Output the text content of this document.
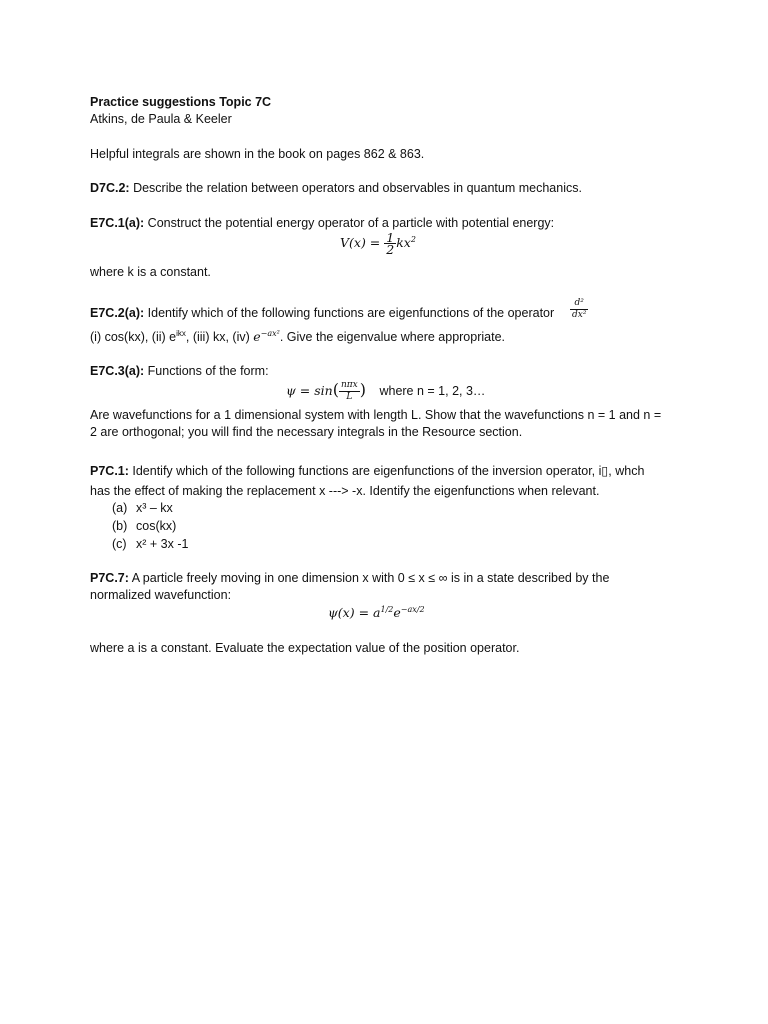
Practice suggestions Topic 7C
Atkins, de Paula & Keeler
Helpful integrals are shown in the book on pages 862 & 863.
D7C.2: Describe the relation between operators and observables in quantum mechanics.
E7C.1(a): Construct the potential energy operator of a particle with potential energy:
$V(x) = \frac{1}{2} kx^2$
where k is a constant.
E7C.2(a): Identify which of the following functions are eigenfunctions of the operator $\frac{\text{d²}}{\text{dx²}}$
(i) cos(kx), (ii) $e^{ikx}$, (iii) kx, (iv) $e^{-ax^2}$. Give the eigenvalue where appropriate.
E7C.3(a): Functions of the form:
$\psi = \sin( \frac{\text{nπx}}{L}$ ) where n = 1, 2, 3…
Are wavefunctions for a 1 dimensional system with length L. Show that the wavefunctions n = 1 and n =
2 are orthogonal; you will find the necessary integrals in the Resource section.
P7C.1: Identify which of the following functions are eigenfunctions of the inversion operator, i▯, whch
has the effect of making the replacement x ---> -x. Identify the eigenfunctions when relevant.
(a) x³ – kx
(b) cos(kx)
(c) x² + 3x -1
P7C.7: A particle freely moving in one dimension x with 0 ≤ x ≤ ∞ is in a state described by the
normalized wavefunction:
$\psi(x) = a^{1/2}e^{-ax/2}$
where a is a constant. Evaluate the expectation value of the position operator.
